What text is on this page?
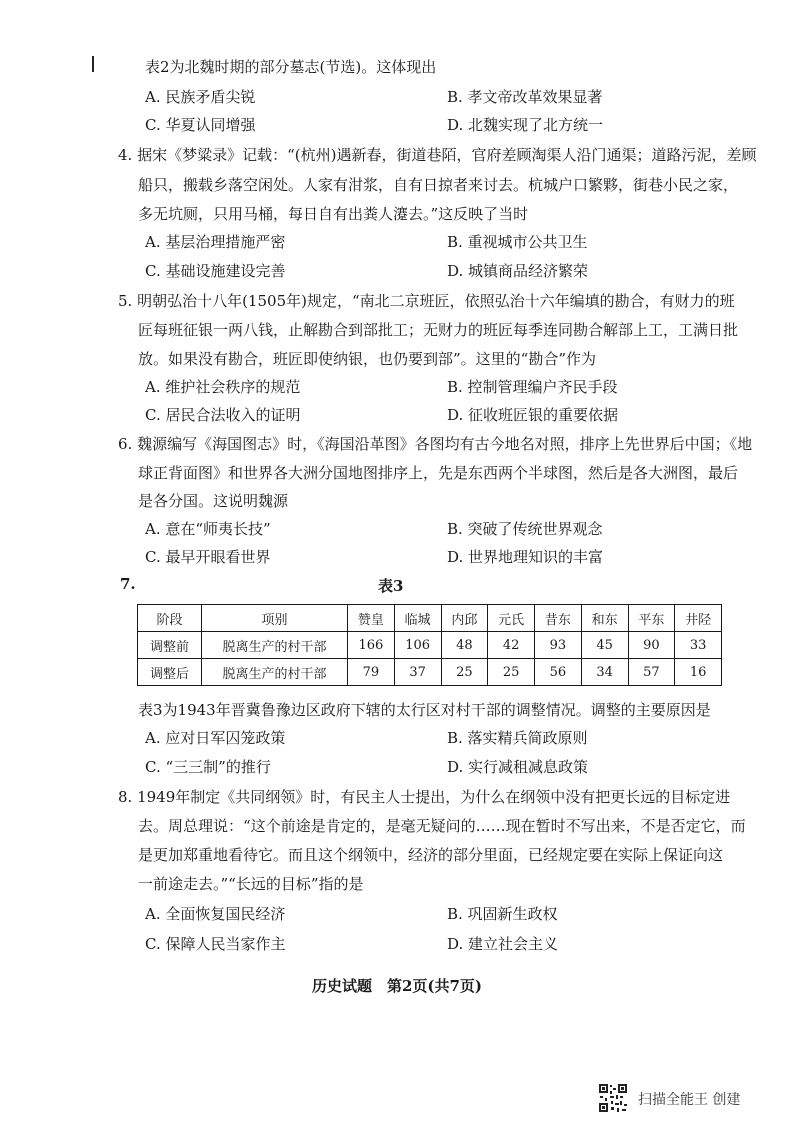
表2为北魏时期的部分墓志(节选)。这体现出
A. 民族矛盾尖锐	B. 孝文帝改革效果显著
C. 华夏认同增强	D. 北魏实现了北方统一
4. 据宋《梦粱录》记载：“(杭州)遇新春，街道巷陌，官府差顾淘渠人沿门通渠；道路污泥，差顾
船只，搬载乡落空闲处。人家有泔浆，自有日掠者来讨去。杭城户口繁夥，街巷小民之家，
多无坑厕，只用马桶，每日自有出粪人瀽去。”这反映了当时
A. 基层治理措施严密	B. 重视城市公共卫生
C. 基础设施建设完善	D. 城镇商品经济繁荣
5. 明朝弘治十八年(1505年)规定，“南北二京班匠，依照弘治十六年编填的勘合，有财力的班
匠每班征银一两八钱，止解勘合到部批工；无财力的班匠每季连同勘合解部上工，工满日批
放。如果没有勘合，班匠即使纳银，也仍要到部”。这里的“勘合”作为
A. 维护社会秩序的规范	B. 控制管理编户齐民手段
C. 居民合法收入的证明	D. 征收班匠银的重要依据
6. 魏源编写《海国图志》时，《海国沿革图》各图均有古今地名对照，排序上先世界后中国；《地
球正背面图》和世界各大洲分国地图排序上，先是东西两个半球图，然后是各大洲图，最后
是各分国。这说明魏源
A. 意在“师夷长技”	B. 突破了传统世界观念
C. 最早开眼看世界	D. 世界地理知识的丰富
7.	表3
阶段	项别	赞皇	临城	内邱	元氏	昔东	和东	平东	井陉
调整前	脱离生产的村干部	166	106	48	42	93	45	90	33
调整后	脱离生产的村干部	79	37	25	25	56	34	57	16
表3为1943年晋冀鲁豫边区政府下辖的太行区对村干部的调整情况。调整的主要原因是
A. 应对日军囚笼政策	B. 落实精兵简政原则
C. “三三制”的推行	D. 实行减租减息政策
8. 1949年制定《共同纲领》时，有民主人士提出，为什么在纲领中没有把更长远的目标定进
去。周总理说：“这个前途是肯定的，是毫无疑问的……现在暂时不写出来，不是否定它，而
是更加郑重地看待它。而且这个纲领中，经济的部分里面，已经规定要在实际上保证向这
一前途走去。”“长远的目标”指的是
A. 全面恢复国民经济	B. 巩固新生政权
C. 保障人民当家作主	D. 建立社会主义
历史试题　第2页(共7页)
扫描全能王 创建
